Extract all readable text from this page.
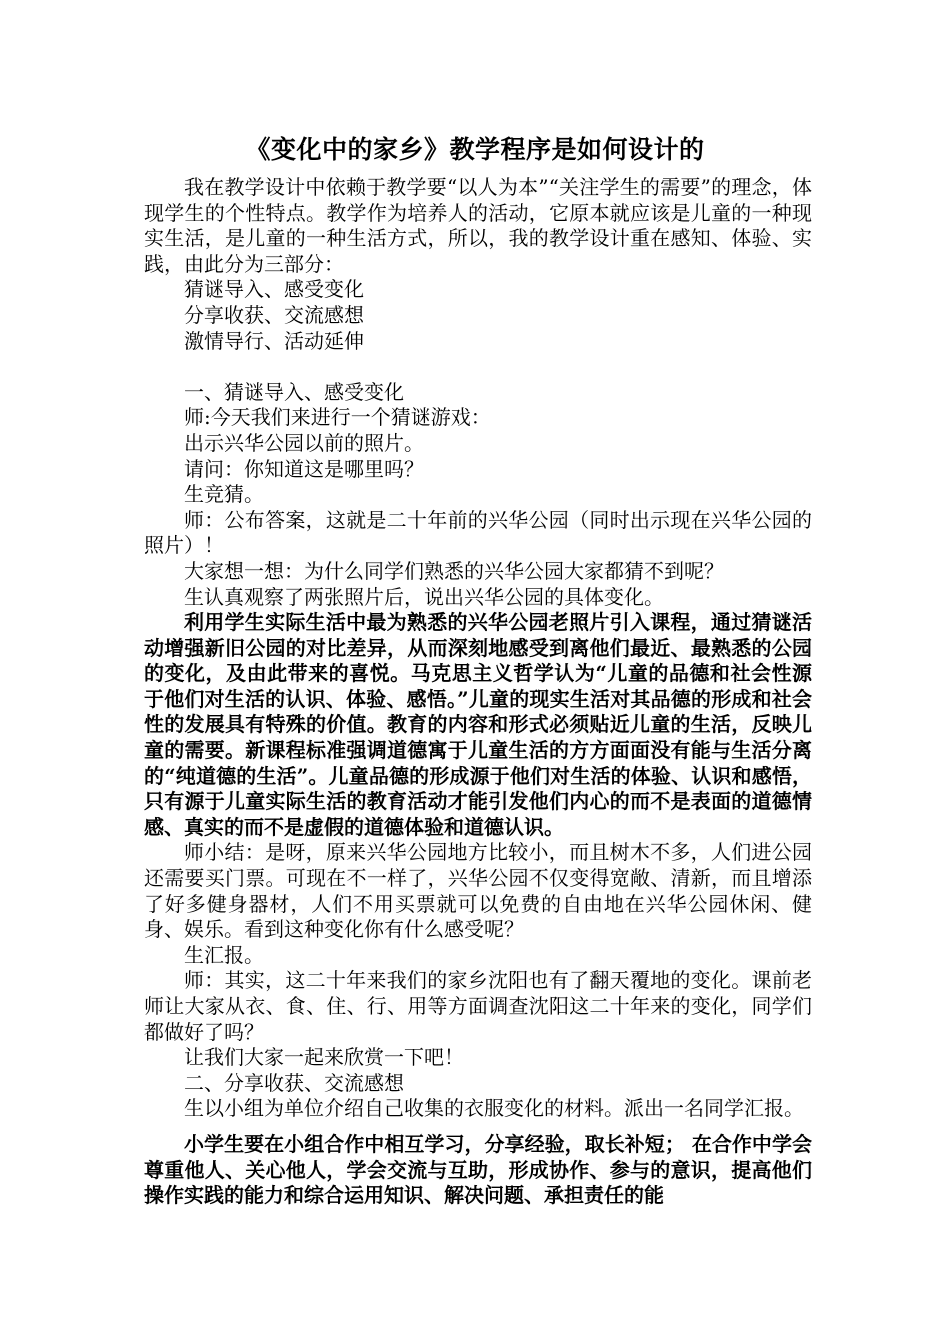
《变化中的家乡》教学程序是如何设计的

我在教学设计中依赖于教学要“以人为本”“关注学生的需要”的理念，体现学生的个性特点。教学作为培养人的活动，它原本就应该是儿童的一种现实生活，是儿童的一种生活方式，所以，我的教学设计重在感知、体验、实践，由此分为三部分：

猜谜导入、感受变化

分享收获、交流感想

激情导行、活动延伸

一、猜谜导入、感受变化

师:今天我们来进行一个猜谜游戏：

出示兴华公园以前的照片。

请问：你知道这是哪里吗？

生竞猜。

师：公布答案，这就是二十年前的兴华公园（同时出示现在兴华公园的照片）！

大家想一想：为什么同学们熟悉的兴华公园大家都猜不到呢？

生认真观察了两张照片后，说出兴华公园的具体变化。

利用学生实际生活中最为熟悉的兴华公园老照片引入课程，通过猜谜活动增强新旧公园的对比差异，从而深刻地感受到离他们最近、最熟悉的公园的变化，及由此带来的喜悦。马克思主义哲学认为“儿童的品德和社会性源于他们对生活的认识、体验、感悟。”儿童的现实生活对其品德的形成和社会性的发展具有特殊的价值。教育的内容和形式必须贴近儿童的生活，反映儿童的需要。新课程标准强调道德寓于儿童生活的方方面面没有能与生活分离的“纯道德的生活”。儿童品德的形成源于他们对生活的体验、认识和感悟，只有源于儿童实际生活的教育活动才能引发他们内心的而不是表面的道德情感、真实的而不是虚假的道德体验和道德认识。

师小结：是呀，原来兴华公园地方比较小，而且树木不多，人们进公园还需要买门票。可现在不一样了，兴华公园不仅变得宽敞、清新，而且增添了好多健身器材，人们不用买票就可以免费的自由地在兴华公园休闲、健身、娱乐。看到这种变化你有什么感受呢？

生汇报。

师：其实，这二十年来我们的家乡沈阳也有了翻天覆地的变化。课前老师让大家从衣、食、住、行、用等方面调查沈阳这二十年来的变化，同学们都做好了吗？

让我们大家一起来欣赏一下吧！

二、分享收获、交流感想

生以小组为单位介绍自己收集的衣服变化的材料。派出一名同学汇报。

小学生要在小组合作中相互学习，分享经验，取长补短； 在合作中学会尊重他人、关心他人，学会交流与互助，形成协作、参与的意识，提高他们操作实践的能力和综合运用知识、解决问题、承担责任的能
